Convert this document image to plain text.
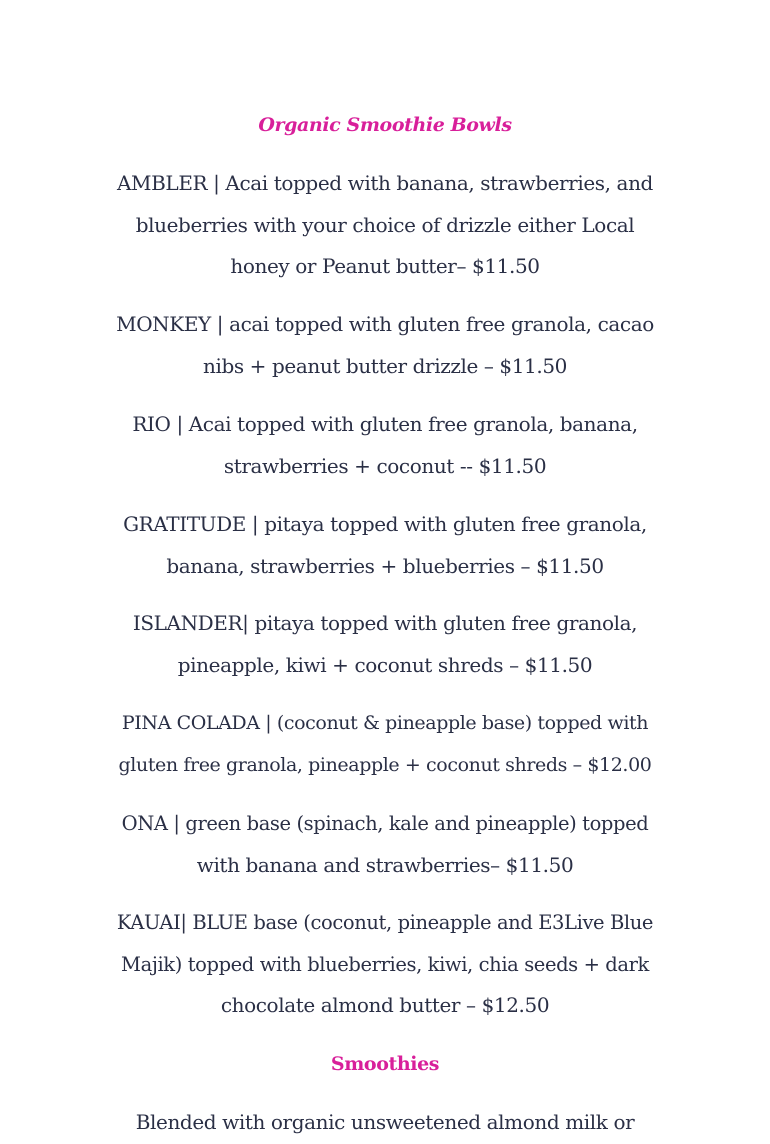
Organic Smoothie Bowls
AMBLER | Acai topped with banana, strawberries, and
blueberries with your choice of drizzle either Local
honey or Peanut butter– $11.50
MONKEY | acai topped with gluten free granola, cacao
nibs + peanut butter drizzle – $11.50
RIO | Acai topped with gluten free granola, banana,
strawberries + coconut -- $11.50
GRATITUDE | pitaya topped with gluten free granola,
banana, strawberries + blueberries – $11.50
ISLANDER| pitaya topped with gluten free granola,
pineapple, kiwi + coconut shreds – $11.50
PINA COLADA | (coconut & pineapple base) topped with
gluten free granola, pineapple + coconut shreds – $12.00
ONA | green base (spinach, kale and pineapple) topped
with banana and strawberries– $11.50
KAUAI| BLUE base (coconut, pineapple and E3Live Blue
Majik) topped with blueberries, kiwi, chia seeds + dark
chocolate almond butter – $12.50
Smoothies
Blended with organic unsweetened almond milk or
